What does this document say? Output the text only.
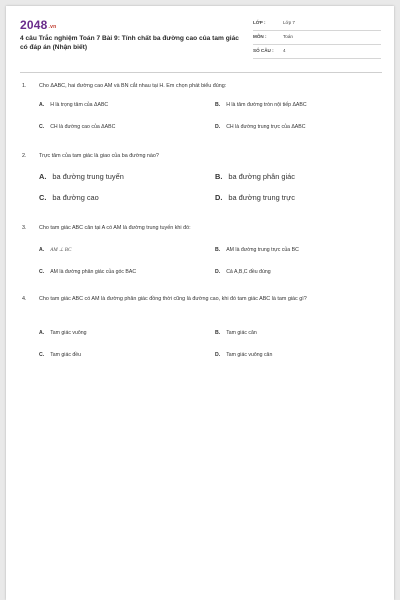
2048.vn
4 câu Trắc nghiệm Toán 7 Bài 9: Tính chất ba đường cao của tam giác có đáp án (Nhận biết)
LỚP :	Lớp 7
MÔN :	Toán
SỐ CÂU : 4
1. Cho ΔABC, hai đường cao AM và BN cắt nhau tại H. Em chọn phát biểu đúng:
A. H là trọng tâm của ΔABC	B. H là tâm đường tròn nội tiếp ΔABC
C. CH là đường cao của ΔABC	D. CH là đường trung trực của ΔABC
2. Trực tâm của tam giác là giao của ba đường nào?
A. ba đường trung tuyến	B. ba đường phân giác
C. ba đường cao	D. ba đường trung trực
3. Cho tam giác ABC cân tại A có AM là đường trung tuyến khi đó:
A. AM ⊥ BC	B. AM là đường trung trực của BC
C. AM là đường phân giác của góc BAC	D. Cả A,B,C đều đúng
4. Cho tam giác ABC có AM là đường phân giác đồng thời cũng là đường cao, khi đó tam giác ABC là tam giác gì?
A. Tam giác vuông	B. Tam giác cân
C. Tam giác đều	D. Tam giác vuông cân
